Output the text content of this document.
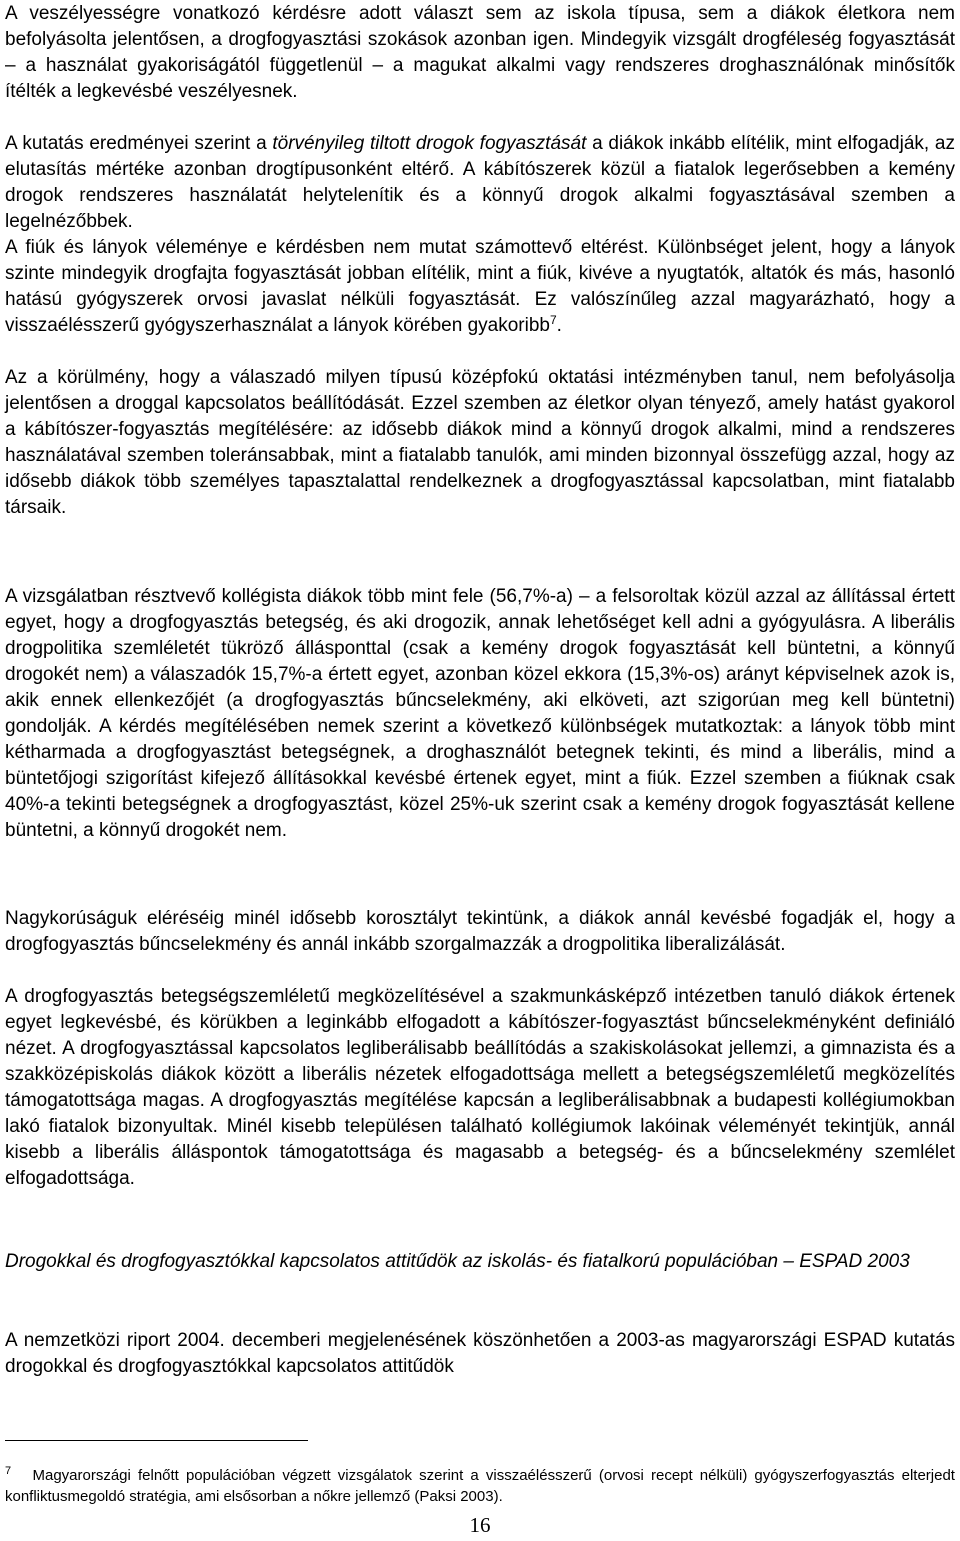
A veszélyességre vonatkozó kérdésre adott választ sem az iskola típusa, sem a diákok életkora nem befolyásolta jelentősen, a drogfogyasztási szokások azonban igen. Mindegyik vizsgált drogféleség fogyasztását – a használat gyakoriságától függetlenül – a magukat alkalmi vagy rendszeres droghasználónak minősítők ítélték a legkevésbé veszélyesnek.

A kutatás eredményei szerint a törvényileg tiltott drogok fogyasztását a diákok inkább elítélik, mint elfogadják, az elutasítás mértéke azonban drogtípusonként eltérő. A kábítószerek közül a fiatalok legerősebben a kemény drogok rendszeres használatát helytelenítik és a könnyű drogok alkalmi fogyasztásával szemben a legelnézőbbek.

A fiúk és lányok véleménye e kérdésben nem mutat számottevő eltérést. Különbséget jelent, hogy a lányok szinte mindegyik drogfajta fogyasztását jobban elítélik, mint a fiúk, kivéve a nyugtatók, altatók és más, hasonló hatású gyógyszerek orvosi javaslat nélküli fogyasztását. Ez valószínűleg azzal magyarázható, hogy a visszaélésszerű gyógyszerhasználat a lányok körében gyakoribb$^7$.

Az a körülmény, hogy a válaszadó milyen típusú középfokú oktatási intézményben tanul, nem befolyásolja jelentősen a droggal kapcsolatos beállítódását. Ezzel szemben az életkor olyan tényező, amely hatást gyakorol a kábítószer-fogyasztás megítélésére: az idősebb diákok mind a könnyű drogok alkalmi, mind a rendszeres használatával szemben toleránsabbak, mint a fiatalabb tanulók, ami minden bizonnyal összefügg azzal, hogy az idősebb diákok több személyes tapasztalattal rendelkeznek a drogfogyasztással kapcsolatban, mint fiatalabb társaik.

A vizsgálatban résztvevő kollégista diákok több mint fele (56,7%-a) – a felsoroltak közül azzal az állítással értett egyet, hogy a drogfogyasztás betegség, és aki drogozik, annak lehetőséget kell adni a gyógyulásra. A liberális drogpolitika szemléletét tükröző állásponttal (csak a kemény drogok fogyasztását kell büntetni, a könnyű drogokét nem) a válaszadók 15,7%-a értett egyet, azonban közel ekkora (15,3%-os) arányt képviselnek azok is, akik ennek ellenkezőjét (a drogfogyasztás bűncselekmény, aki elköveti, azt szigorúan meg kell büntetni) gondolják. A kérdés megítélésében nemek szerint a következő különbségek mutatkoztak: a lányok több mint kétharmada a drogfogyasztást betegségnek, a droghasználót betegnek tekinti, és mind a liberális, mind a büntetőjogi szigorítást kifejező állításokkal kevésbé értenek egyet, mint a fiúk. Ezzel szemben a fiúknak csak 40%-a tekinti betegségnek a drogfogyasztást, közel 25%-uk szerint csak a kemény drogok fogyasztását kellene büntetni, a könnyű drogokét nem.

Nagykorúságuk eléréséig minél idősebb korosztályt tekintünk, a diákok annál kevésbé fogadják el, hogy a drogfogyasztás bűncselekmény és annál inkább szorgalmazzák a drogpolitika liberalizálását.

A drogfogyasztás betegségszemléletű megközelítésével a szakmunkásképző intézetben tanuló diákok értenek egyet legkevésbé, és körükben a leginkább elfogadott a kábítószer-fogyasztást bűncselekményként definiáló nézet. A drogfogyasztással kapcsolatos legliberálisabb beállítódás a szakiskolásokat jellemzi, a gimnazista és a szakközépiskolás diákok között a liberális nézetek elfogadottsága mellett a betegségszemléletű megközelítés támogatottsága magas. A drogfogyasztás megítélése kapcsán a legliberálisabbnak a budapesti kollégiumokban lakó fiatalok bizonyultak. Minél kisebb településen található kollégiumok lakóinak véleményét tekintjük, annál kisebb a liberális álláspontok támogatottsága és magasabb a betegség- és a bűncselekmény szemlélet elfogadottsága.

Drogokkal és drogfogyasztókkal kapcsolatos attitűdök az iskolás- és fiatalkorú populációban – ESPAD 2003

A nemzetközi riport 2004. decemberi megjelenésének köszönhetően a 2003-as magyarországi ESPAD kutatás drogokkal és drogfogyasztókkal kapcsolatos attitűdök

$^7$ Magyarországi felnőtt populációban végzett vizsgálatok szerint a visszaélésszerű (orvosi recept nélküli) gyógyszerfogyasztás elterjedt konfliktusmegoldó stratégia, ami elsősorban a nőkre jellemző (Paksi 2003).

16
